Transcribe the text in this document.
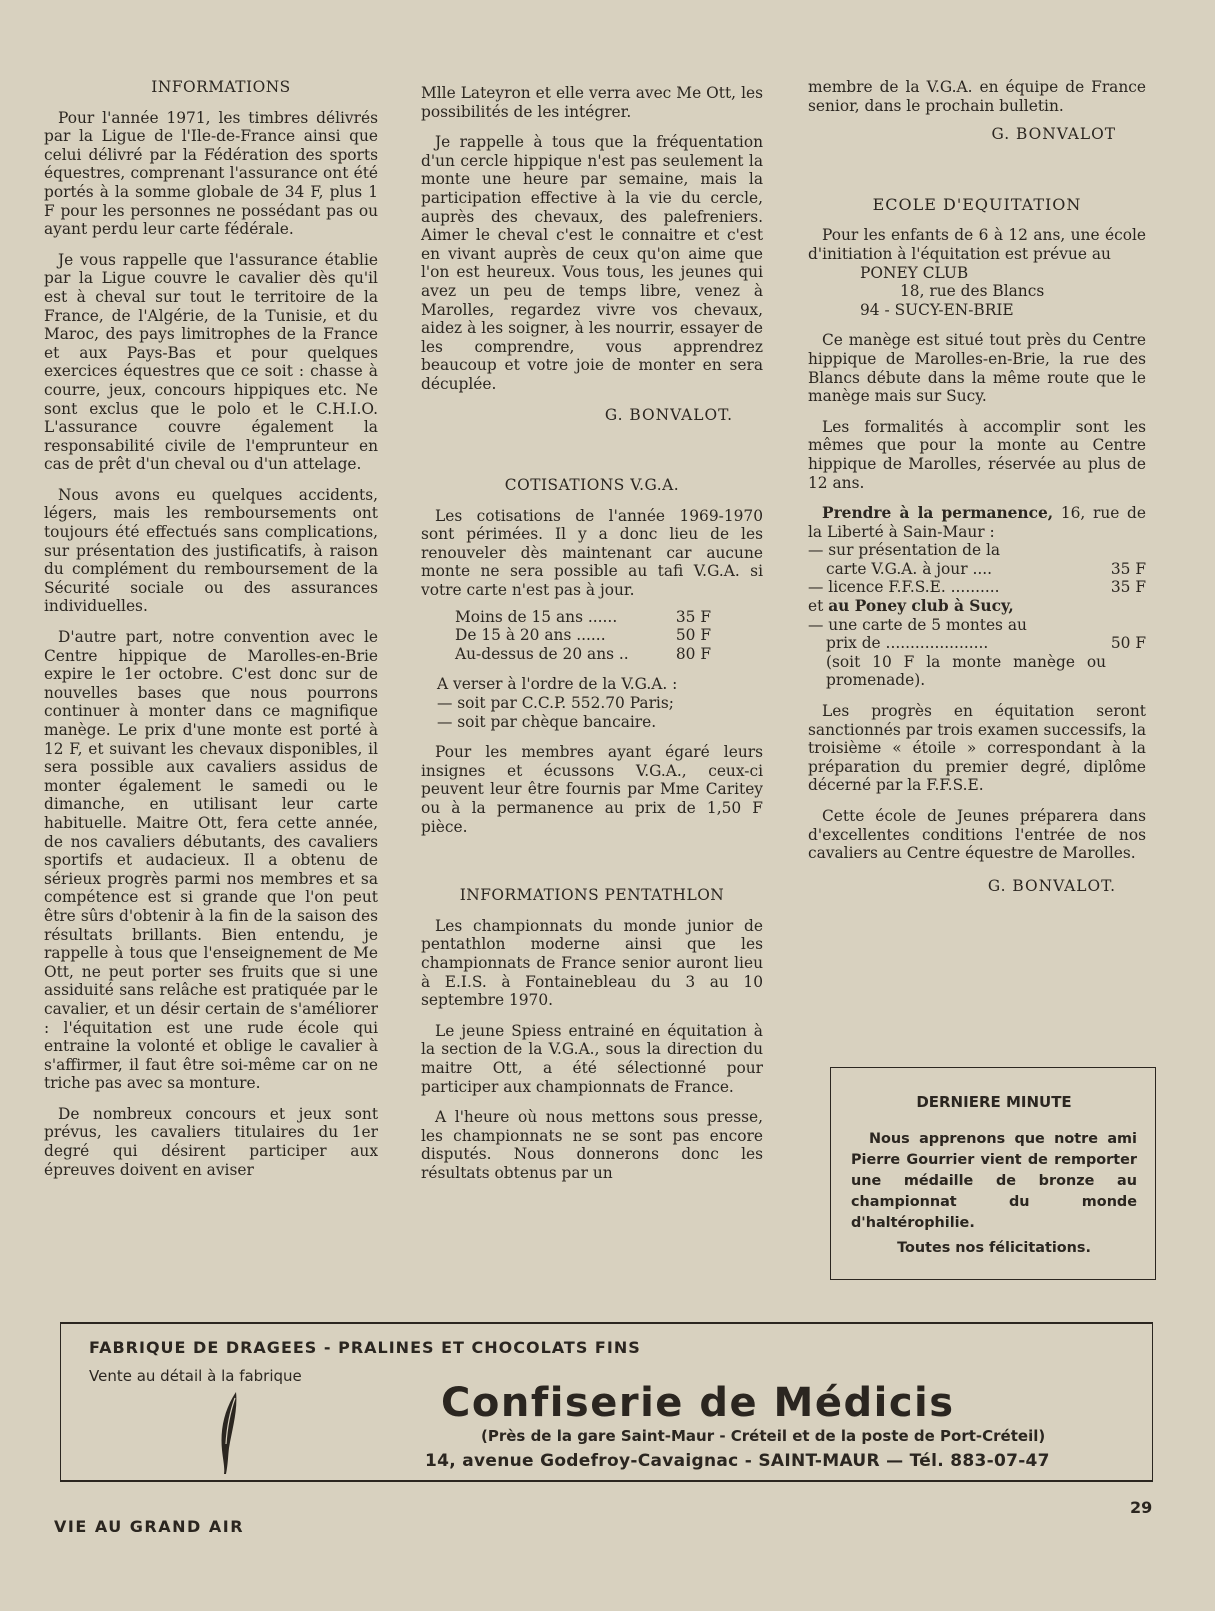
INFORMATIONS

Pour l'année 1971, les timbres délivrés par la Ligue de l'Ile-de-France ainsi que celui délivré par la Fédération des sports équestres, comprenant l'assurance ont été portés à la somme globale de 34 F, plus 1 F pour les personnes ne possédant pas ou ayant perdu leur carte fédérale.

Je vous rappelle que l'assurance établie par la Ligue couvre le cavalier dès qu'il est à cheval sur tout le territoire de la France, de l'Algérie, de la Tunisie, et du Maroc, des pays limitrophes de la France et aux Pays-Bas et pour quelques exercices équestres que ce soit : chasse à courre, jeux, concours hippiques etc. Ne sont exclus que le polo et le C.H.I.O. L'assurance couvre également la responsabilité civile de l'emprunteur en cas de prêt d'un cheval ou d'un attelage.

Nous avons eu quelques accidents, légers, mais les remboursements ont toujours été effectués sans complications, sur présentation des justificatifs, à raison du complément du remboursement de la Sécurité sociale ou des assurances individuelles.

D'autre part, notre convention avec le Centre hippique de Marolles-en-Brie expire le 1er octobre. C'est donc sur de nouvelles bases que nous pourrons continuer à monter dans ce magnifique manège. Le prix d'une monte est porté à 12 F, et suivant les chevaux disponibles, il sera possible aux cavaliers assidus de monter également le samedi ou le dimanche, en utilisant leur carte habituelle. Maitre Ott, fera cette année, de nos cavaliers débutants, des cavaliers sportifs et audacieux. Il a obtenu de sérieux progrès parmi nos membres et sa compétence est si grande que l'on peut être sûrs d'obtenir à la fin de la saison des résultats brillants. Bien entendu, je rappelle à tous que l'enseignement de Me Ott, ne peut porter ses fruits que si une assiduité sans relâche est pratiquée par le cavalier, et un désir certain de s'améliorer : l'équitation est une rude école qui entraine la volonté et oblige le cavalier à s'affirmer, il faut être soi-même car on ne triche pas avec sa monture.

De nombreux concours et jeux sont prévus, les cavaliers titulaires du 1er degré qui désirent participer aux épreuves doivent en aviser

Mlle Lateyron et elle verra avec Me Ott, les possibilités de les intégrer.

Je rappelle à tous que la fréquentation d'un cercle hippique n'est pas seulement la monte une heure par semaine, mais la participation effective à la vie du cercle, auprès des chevaux, des palefreniers. Aimer le cheval c'est le connaitre et c'est en vivant auprès de ceux qu'on aime que l'on est heureux. Vous tous, les jeunes qui avez un peu de temps libre, venez à Marolles, regardez vivre vos chevaux, aidez à les soigner, à les nourrir, essayer de les comprendre, vous apprendrez beaucoup et votre joie de monter en sera décuplée.

G. BONVALOT.

COTISATIONS V.G.A.

Les cotisations de l'année 1969-1970 sont périmées. Il y a donc lieu de les renouveler dès maintenant car aucune monte ne sera possible au tafi V.G.A. si votre carte n'est pas à jour.

Moins de 15 ans ......	35 F
De 15 à 20 ans ......	50 F
Au-dessus de 20 ans ..	80 F

A verser à l'ordre de la V.G.A. :

— soit par C.C.P. 552.70 Paris;

— soit par chèque bancaire.

Pour les membres ayant égaré leurs insignes et écussons V.G.A., ceux-ci peuvent leur être fournis par Mme Caritey ou à la permanence au prix de 1,50 F pièce.

INFORMATIONS PENTATHLON

Les championnats du monde junior de pentathlon moderne ainsi que les championnats de France senior auront lieu à E.I.S. à Fontainebleau du 3 au 10 septembre 1970.

Le jeune Spiess entrainé en équitation à la section de la V.G.A., sous la direction du maitre Ott, a été sélectionné pour participer aux championnats de France.

A l'heure où nous mettons sous presse, les championnats ne se sont pas encore disputés. Nous donnerons donc les résultats obtenus par un

membre de la V.G.A. en équipe de France senior, dans le prochain bulletin.

G. BONVALOT

ECOLE D'EQUITATION

Pour les enfants de 6 à 12 ans, une école d'initiation à l'équitation est prévue au

PONEY CLUB

18, rue des Blancs

94 - SUCY-EN-BRIE

Ce manège est situé tout près du Centre hippique de Marolles-en-Brie, la rue des Blancs débute dans la même route que le manège mais sur Sucy.

Les formalités à accomplir sont les mêmes que pour la monte au Centre hippique de Marolles, réservée au plus de 12 ans.

Prendre à la permanence, 16, rue de la Liberté à Sain-Maur :

— sur présentation de la

carte V.G.A. à jour ....	35 F
— licence F.F.S.E. ..........	35 F

et au Poney club à Sucy,

— une carte de 5 montes au

prix de .....................	50 F

(soit 10 F la monte manège ou promenade).

Les progrès en équitation seront sanctionnés par trois examen successifs, la troisième « étoile » correspondant à la préparation du premier degré, diplôme décerné par la F.F.S.E.

Cette école de Jeunes préparera dans d'excellentes conditions l'entrée de nos cavaliers au Centre équestre de Marolles.

G. BONVALOT.

DERNIERE MINUTE

Nous apprenons que notre ami Pierre Gourrier vient de remporter une médaille de bronze au championnat du monde d'haltérophilie.

Toutes nos félicitations.

FABRIQUE DE DRAGEES - PRALINES ET CHOCOLATS FINS
Vente au détail à la fabrique
Confiserie de Médicis
(Près de la gare Saint-Maur - Créteil et de la poste de Port-Créteil)
14, avenue Godefroy-Cavaignac - SAINT-MAUR — Tél. 883-07-47
VIE AU GRAND AIR
29
